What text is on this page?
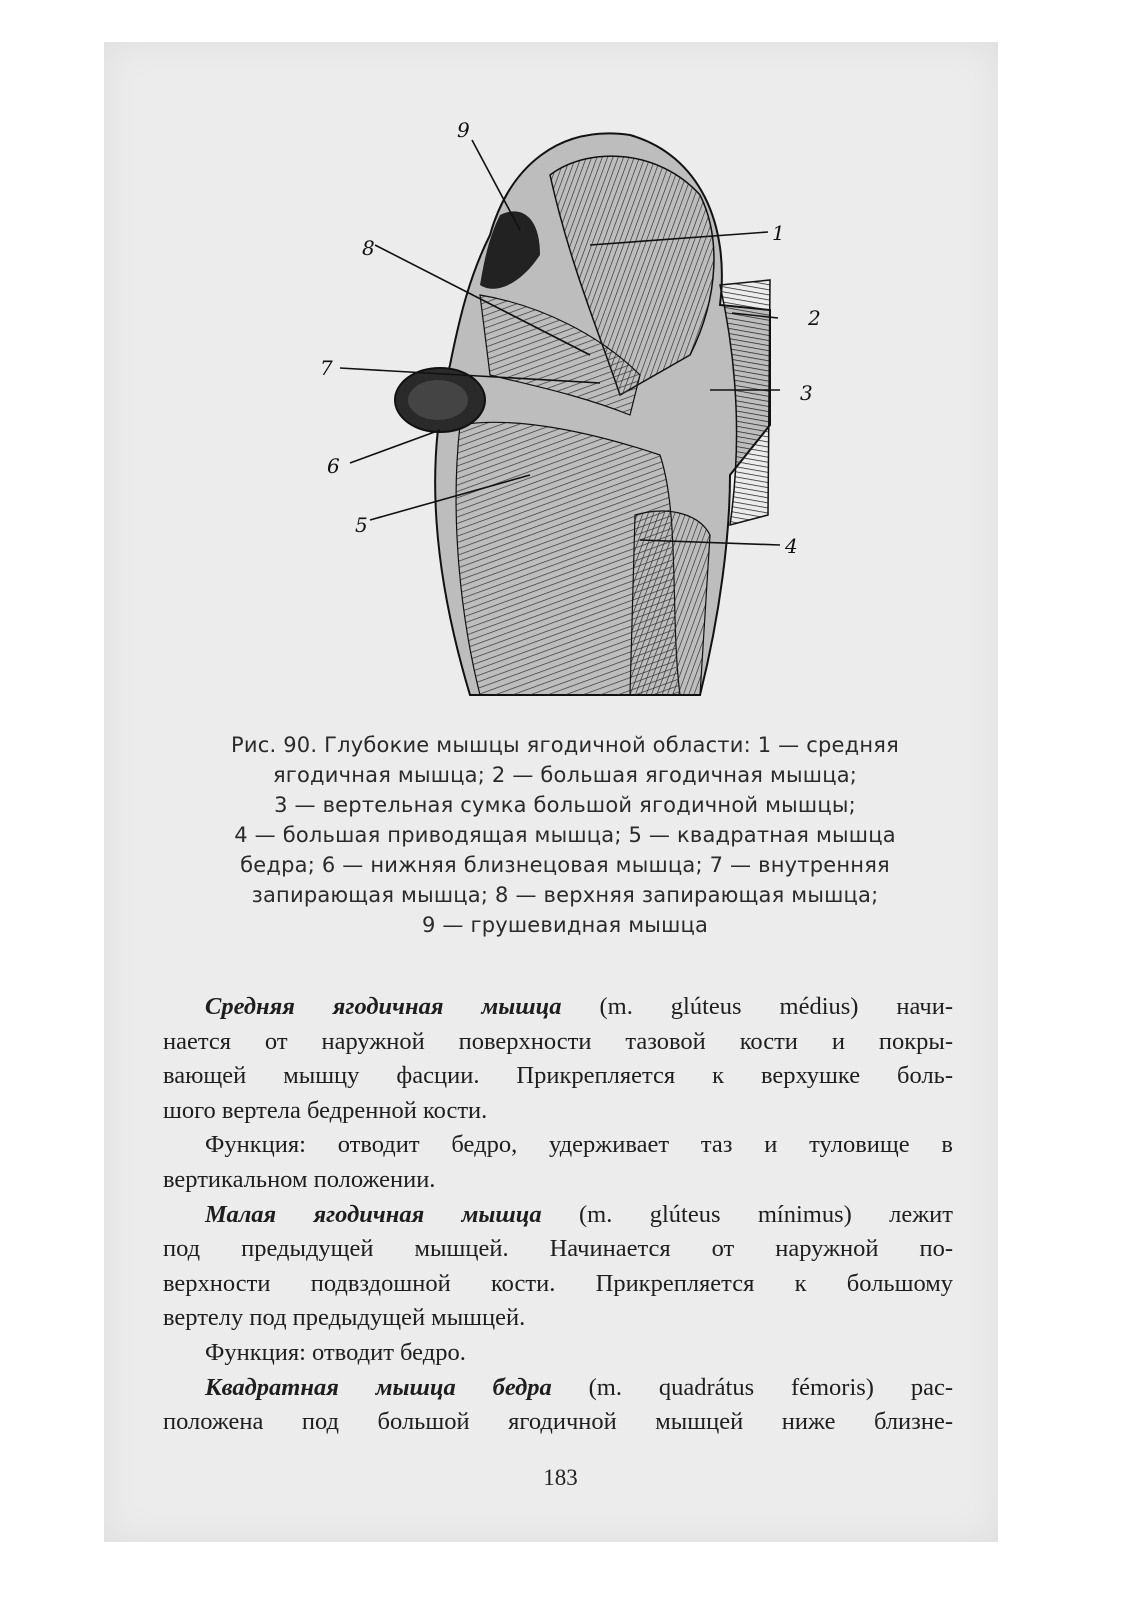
9
1
2
3
4
5
6
7
8
Рис. 90. Глубокие мышцы ягодичной области: 1 — средняя
ягодичная мышца; 2 — большая ягодичная мышца;
3 — вертельная сумка большой ягодичной мышцы;
4 — большая приводящая мышца; 5 — квадратная мышца
бедра; 6 — нижняя близнецовая мышца; 7 — внутренняя
запирающая мышца; 8 — верхняя запирающая мышца;
9 — грушевидная мышца
Средняя ягодичная мышца (m. glúteus médius) начи-
нается от наружной поверхности тазовой кости и покры-
вающей мышцу фасции. Прикрепляется к верхушке боль-
шого вертела бедренной кости.
Функция: отводит бедро, удерживает таз и туловище в
вертикальном положении.
Малая ягодичная мышца (m. glúteus mínimus) лежит
под предыдущей мышцей. Начинается от наружной по-
верхности подвздошной кости. Прикрепляется к большому
вертелу под предыдущей мышцей.
Функция: отводит бедро.
Квадратная мышца бедра (m. quadrátus fémoris) рас-
положена под большой ягодичной мышцей ниже близне-
183
